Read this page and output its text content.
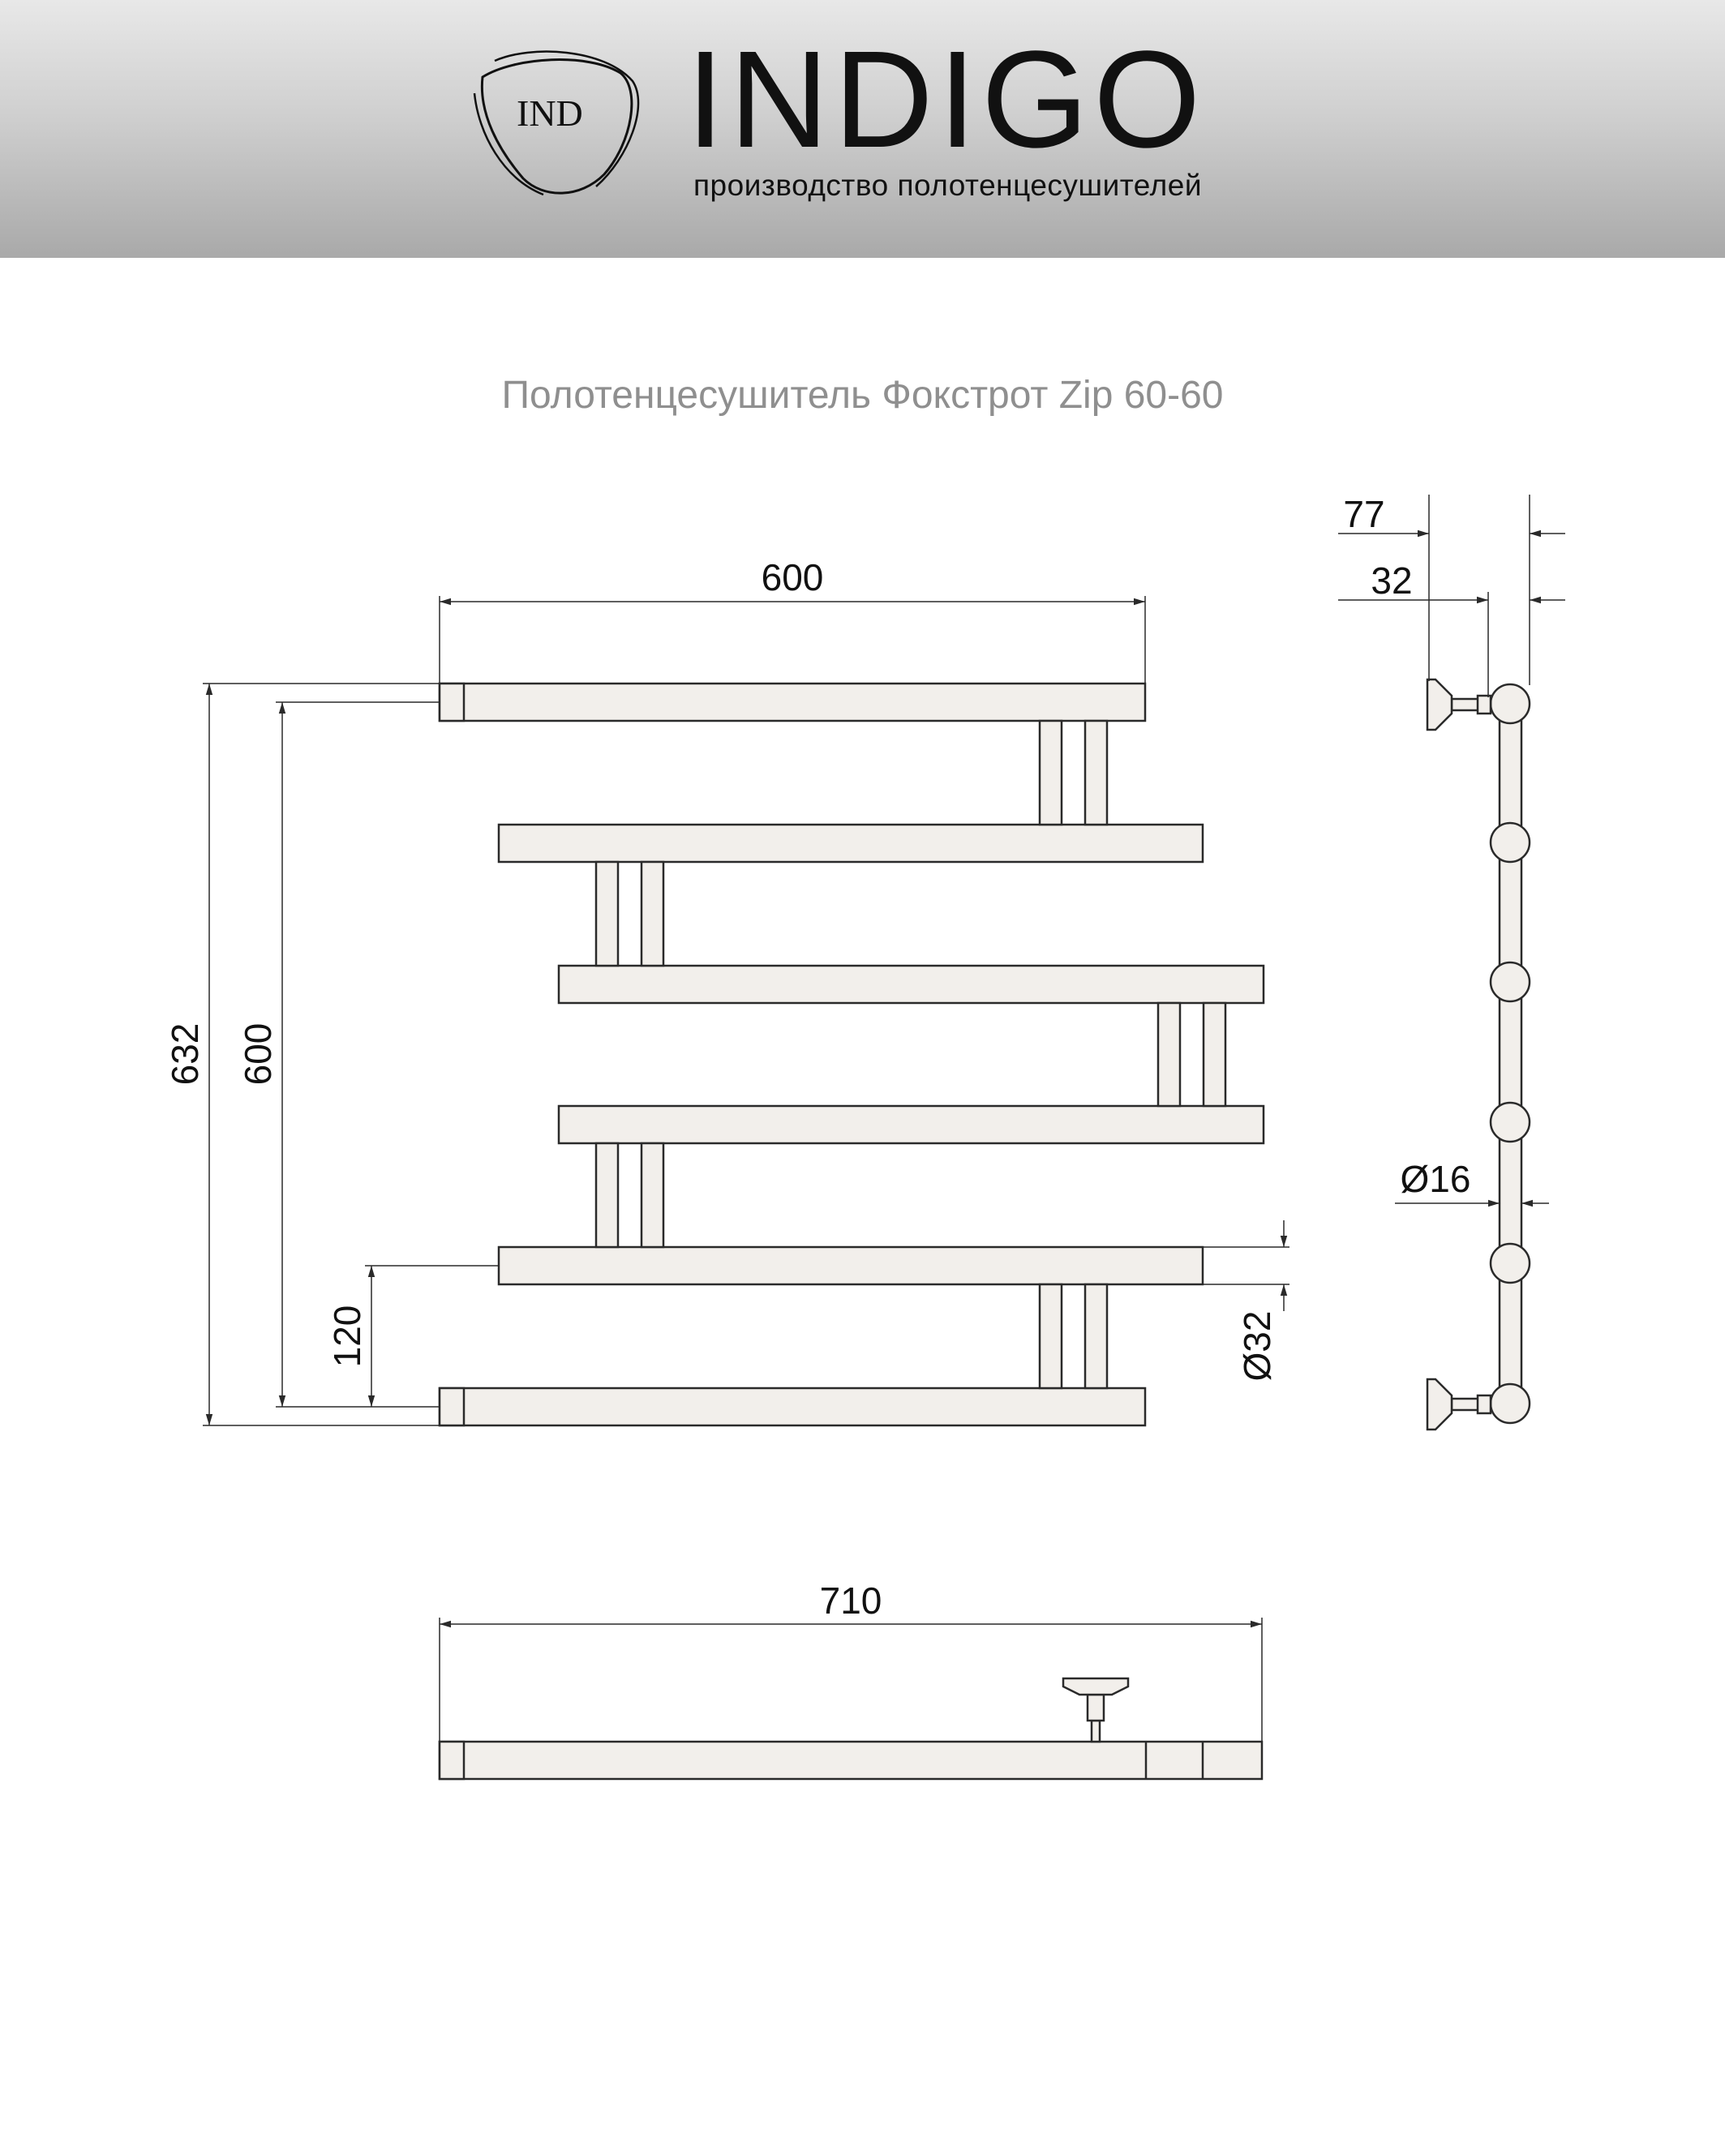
IND INDIGO
производство полотенцесушителей
Полотенцесушитель Фокстрот Zip 60-60
600
632 600
120	Ø32
77
32
Ø16
710
